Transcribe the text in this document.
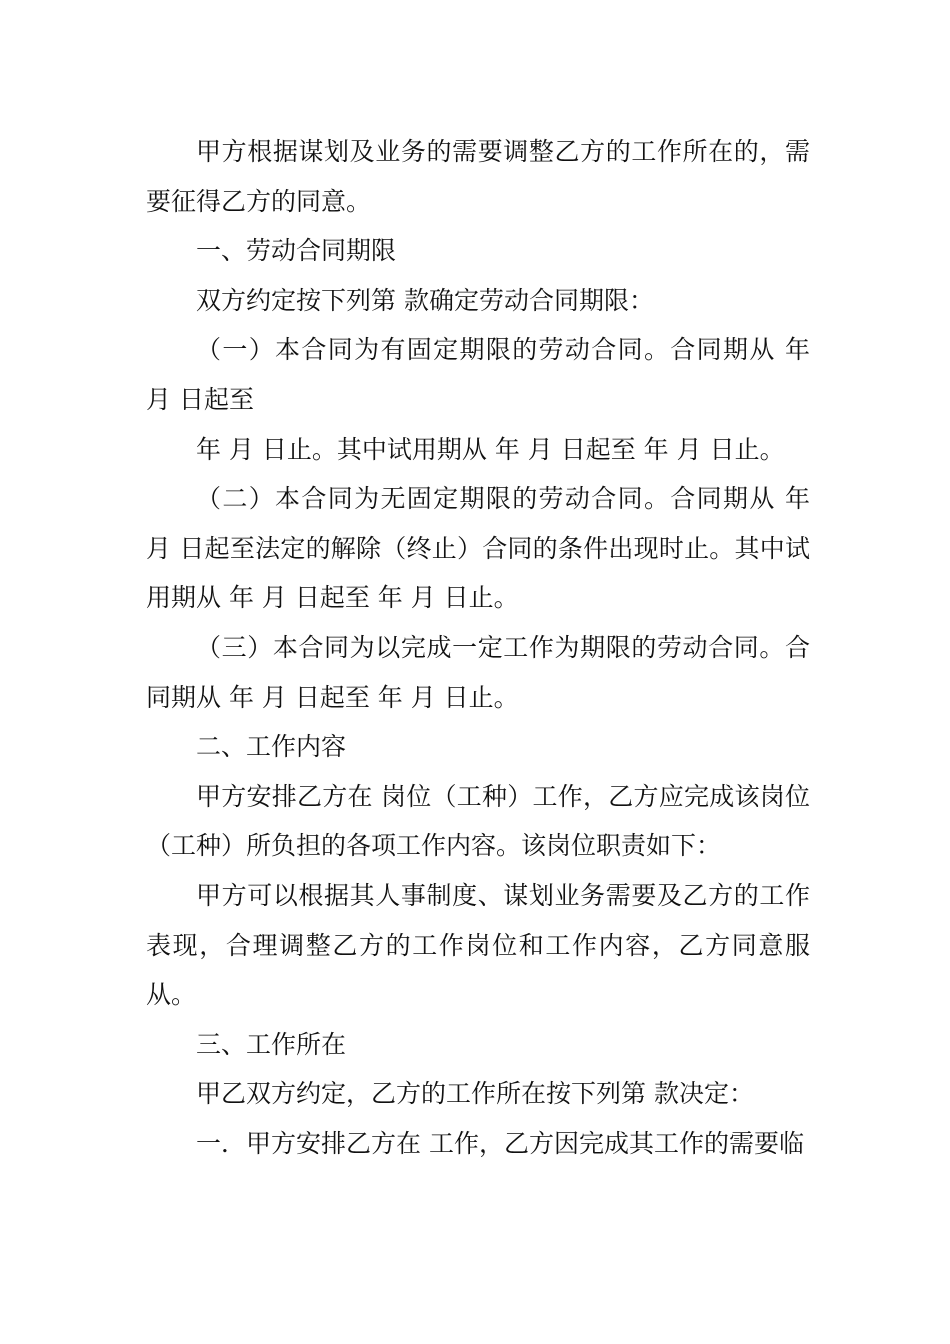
甲方根据谋划及业务的需要调整乙方的工作所在的，需要征得乙方的同意。

一、劳动合同期限

双方约定按下列第 款确定劳动合同期限：

（一）本合同为有固定期限的劳动合同。合同期从 年 月 日起至

年 月 日止。其中试用期从 年 月 日起至 年 月 日止。

（二）本合同为无固定期限的劳动合同。合同期从 年 月 日起至法定的解除（终止）合同的条件出现时止。其中试用期从 年 月 日起至 年 月 日止。

（三）本合同为以完成一定工作为期限的劳动合同。合同期从 年 月 日起至 年 月 日止。

二、工作内容

甲方安排乙方在 岗位（工种）工作，乙方应完成该岗位（工种）所负担的各项工作内容。该岗位职责如下：

甲方可以根据其人事制度、谋划业务需要及乙方的工作表现，合理调整乙方的工作岗位和工作内容，乙方同意服从。

三、工作所在

甲乙双方约定，乙方的工作所在按下列第 款决定：

一．甲方安排乙方在 工作，乙方因完成其工作的需要临
